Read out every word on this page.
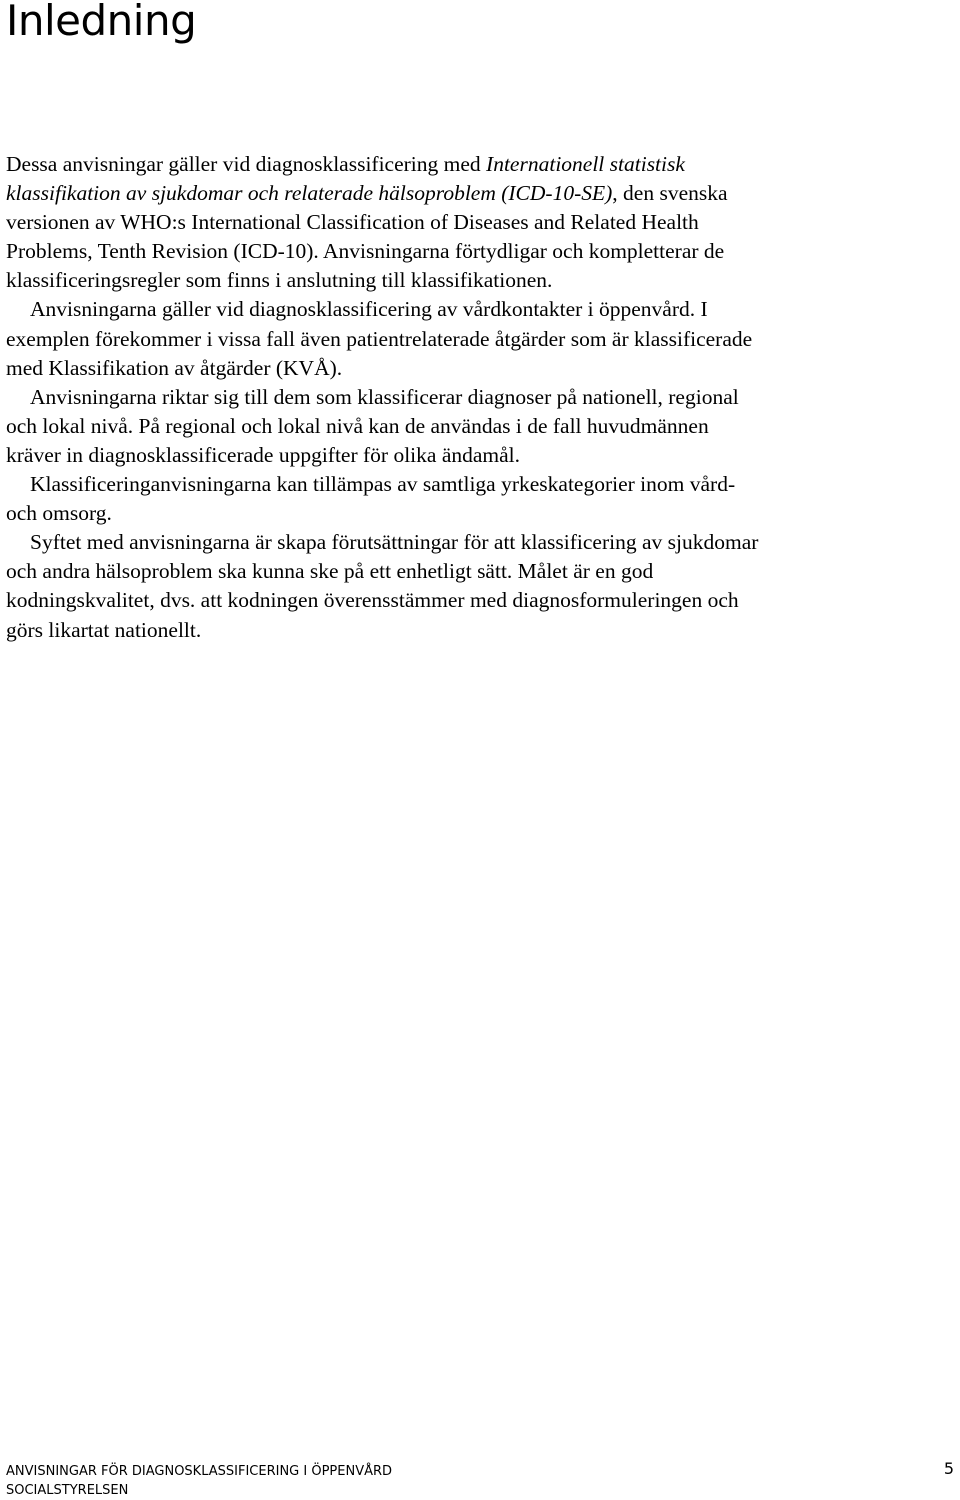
Inledning

Dessa anvisningar gäller vid diagnosklassificering med Internationell statistisk klassifikation av sjukdomar och relaterade hälsoproblem (ICD-10-SE), den svenska versionen av WHO:s International Classification of Diseases and Related Health Problems, Tenth Revision (ICD-10). Anvisningarna förtydligar och kompletterar de klassificeringsregler som finns i anslutning till klassifikationen.

Anvisningarna gäller vid diagnosklassificering av vårdkontakter i öppenvård. I exemplen förekommer i vissa fall även patientrelaterade åtgärder som är klassificerade med Klassifikation av åtgärder (KVÅ).

Anvisningarna riktar sig till dem som klassificerar diagnoser på nationell, regional och lokal nivå. På regional och lokal nivå kan de användas i de fall huvudmännen kräver in diagnosklassificerade uppgifter för olika ändamål.

Klassificeringanvisningarna kan tillämpas av samtliga yrkeskategorier inom vård- och omsorg.

Syftet med anvisningarna är skapa förutsättningar för att klassificering av sjukdomar och andra hälsoproblem ska kunna ske på ett enhetligt sätt. Målet är en god kodningskvalitet, dvs. att kodningen överensstämmer med diagnosformuleringen och görs likartat nationellt.

ANVISNINGAR FÖR DIAGNOSKLASSIFICERING I ÖPPENVÅRD
SOCIALSTYRELSEN
5
